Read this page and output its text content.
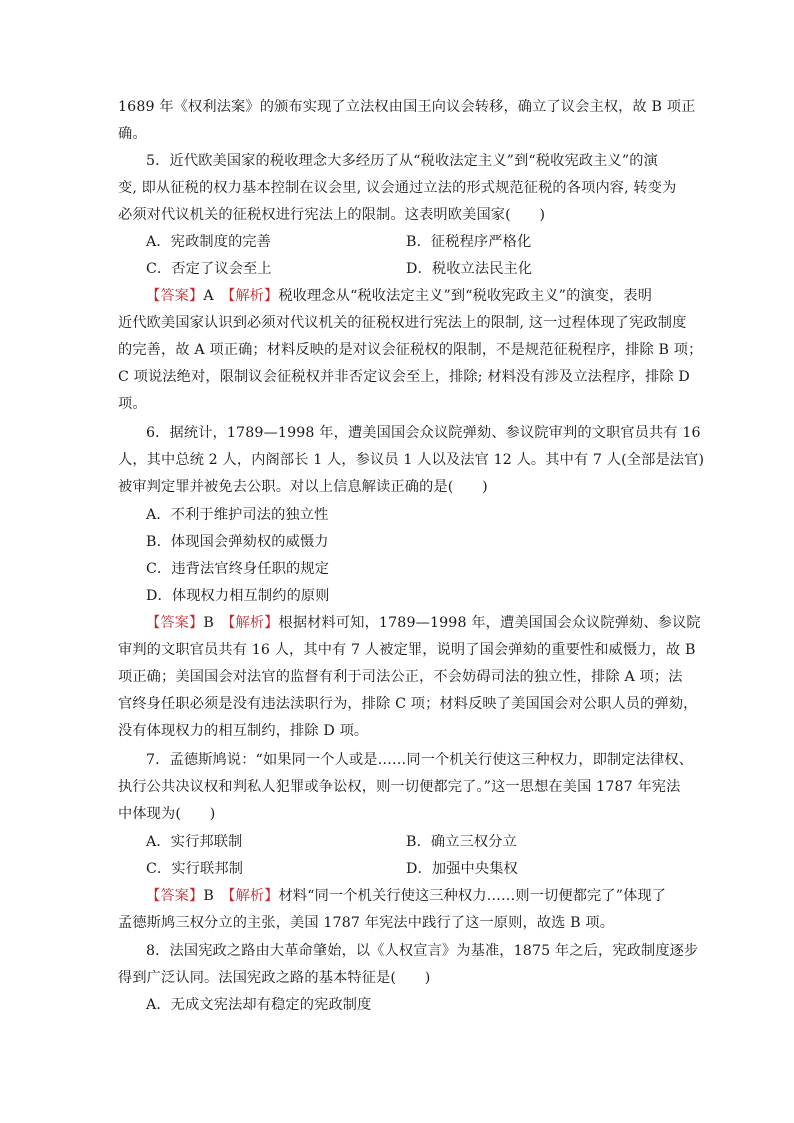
1689 年《权利法案》的颁布实现了立法权由国王向议会转移，确立了议会主权，故 B 项正
确。
5．近代欧美国家的税收理念大多经历了从“税收法定主义”到“税收宪政主义”的演
变, 即从征税的权力基本控制在议会里, 议会通过立法的形式规范征税的各项内容, 转变为
必须对代议机关的征税权进行宪法上的限制。这表明欧美国家(　　)
A．宪政制度的完善	B．征税程序严格化
C．否定了议会至上	D．税收立法民主化
【答案】A　 【解析】税收理念从“税收法定主义”到“税收宪政主义”的演变，表明
近代欧美国家认识到必须对代议机关的征税权进行宪法上的限制, 这一过程体现了宪政制度
的完善，故 A 项正确；材料反映的是对议会征税权的限制，不是规范征税程序，排除 B 项；
C 项说法绝对，限制议会征税权并非否定议会至上，排除; 材料没有涉及立法程序，排除 D
项。
6．据统计，1789—1998 年，遭美国国会众议院弹劾、参议院审判的文职官员共有 16
人，其中总统 2 人，内阁部长 1 人，参议员 1 人以及法官 12 人。其中有 7 人(全部是法官)
被审判定罪并被免去公职。对以上信息解读正确的是(　　)
A．不利于维护司法的独立性
B．体现国会弹劾权的威慑力
C．违背法官终身任职的规定
D．体现权力相互制约的原则
【答案】B　 【解析】根据材料可知，1789—1998 年，遭美国国会众议院弹劾、参议院
审判的文职官员共有 16 人，其中有 7 人被定罪，说明了国会弹劾的重要性和威慑力，故 B
项正确；美国国会对法官的监督有利于司法公正，不会妨碍司法的独立性，排除 A 项；法
官终身任职必须是没有违法渎职行为，排除 C 项；材料反映了美国国会对公职人员的弹劾，
没有体现权力的相互制约，排除 D 项。
7．孟德斯鸠说：“如果同一个人或是……同一个机关行使这三种权力，即制定法律权、
执行公共决议权和判私人犯罪或争讼权，则一切便都完了。”这一思想在美国 1787 年宪法
中体现为(　　)
A．实行邦联制	B．确立三权分立
C．实行联邦制	D．加强中央集权
【答案】B　 【解析】材料“同一个机关行使这三种权力……则一切便都完了”体现了
孟德斯鸠三权分立的主张，美国 1787 年宪法中践行了这一原则，故选 B 项。
8．法国宪政之路由大革命肇始，以《人权宣言》为基准，1875 年之后，宪政制度逐步
得到广泛认同。法国宪政之路的基本特征是(　　)
A．无成文宪法却有稳定的宪政制度
